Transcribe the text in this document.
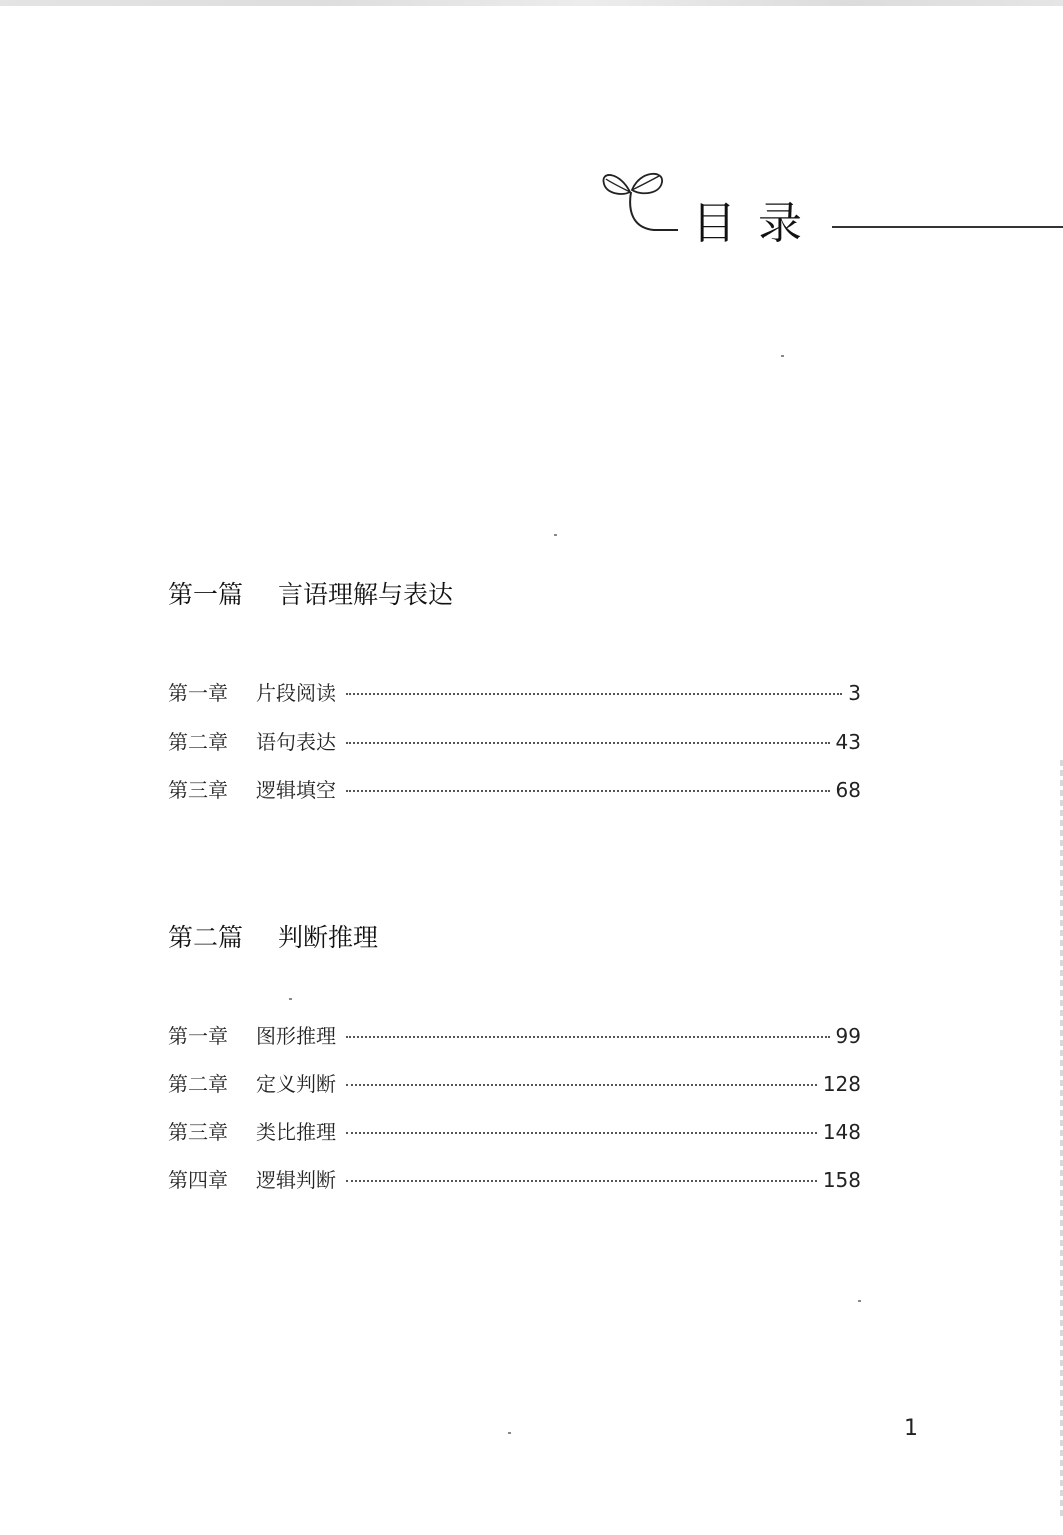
目录
第一篇 言语理解与表达
第一章	片段阅读	3
第二章	语句表达	43
第三章	逻辑填空	68
第二篇 判断推理
第一章	图形推理	99
第二章	定义判断	128
第三章	类比推理	148
第四章	逻辑判断	158
1
